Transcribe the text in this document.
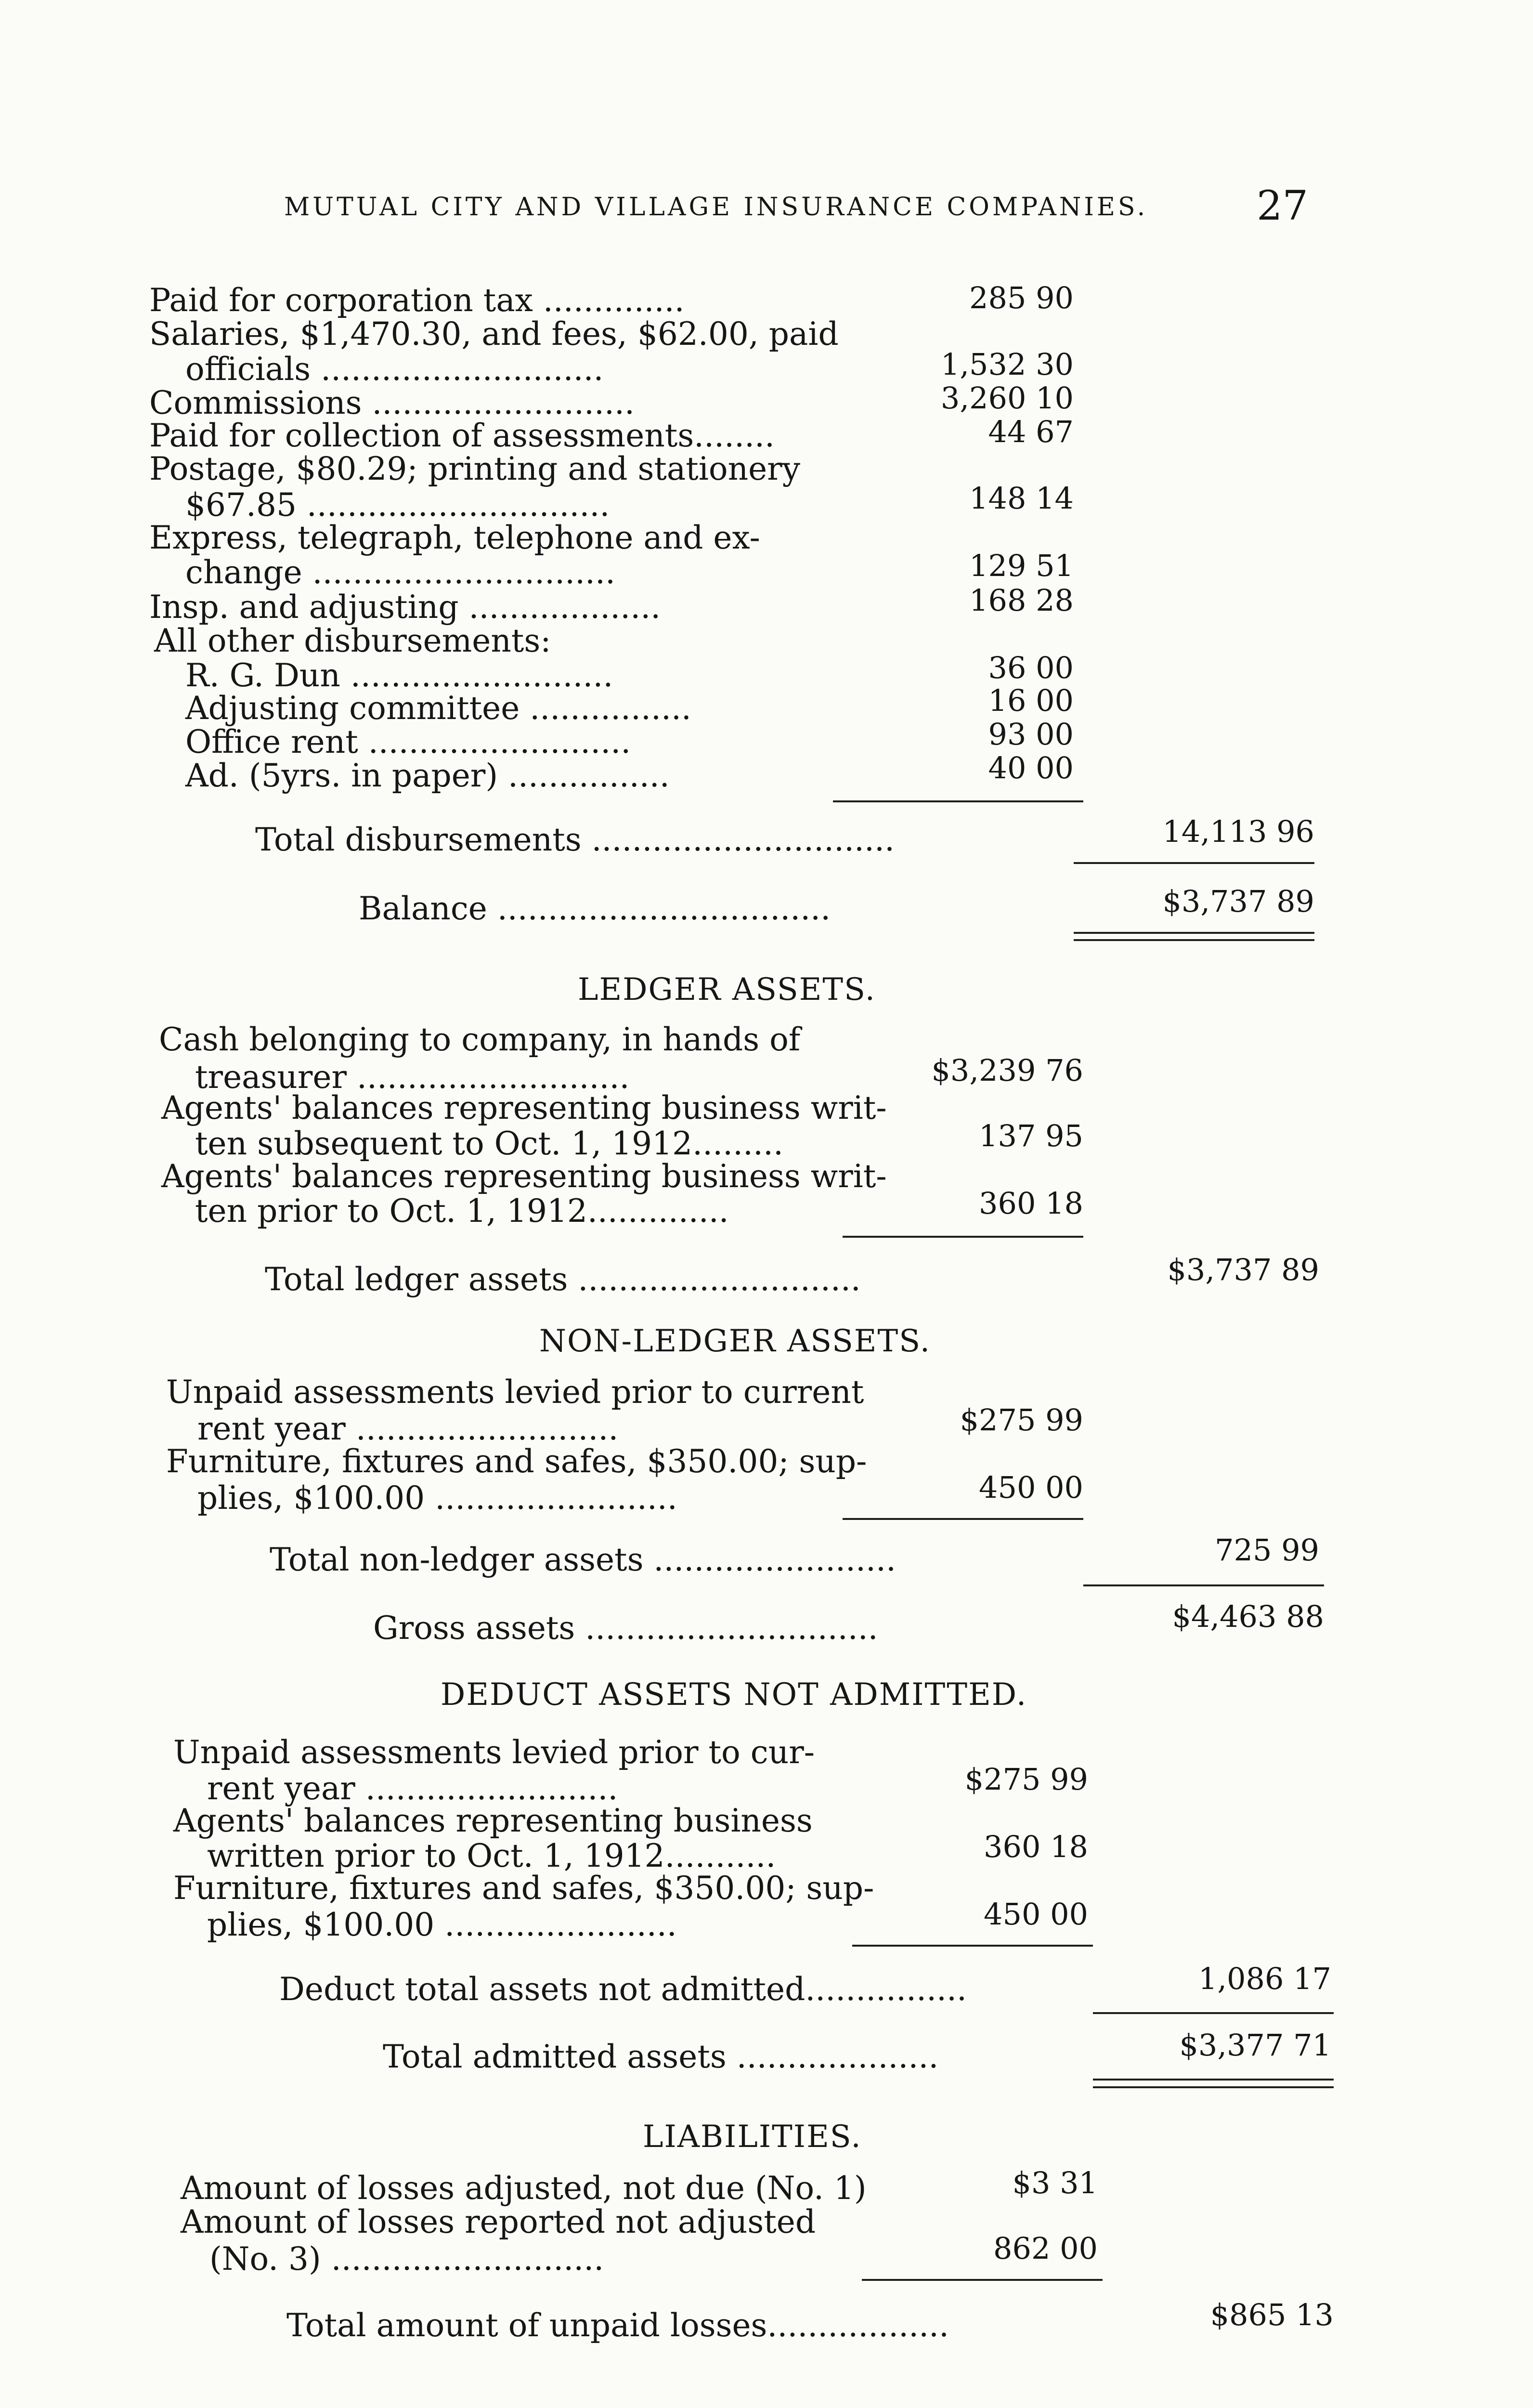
MUTUAL CITY AND VILLAGE INSURANCE COMPANIES.	27
Paid for corporation tax ..............	285 90
Salaries, $1,470.30, and fees, $62.00, paid
officials ............................	1,532 30
Commissions ..........................	3,260 10
Paid for collection of assessments........	44 67
Postage, $80.29; printing and stationery
$67.85 ..............................	148 14
Express, telegraph, telephone and ex-
change ..............................	129 51
Insp. and adjusting ...................	168 28
All other disbursements:
R. G. Dun ..........................	36 00
Adjusting committee ................	16 00
Office rent ..........................	93 00
Ad. (5yrs. in paper) ................	40 00
Total disbursements ..............................	14,113 96
Balance .................................	$3,737 89
LEDGER ASSETS.
Cash belonging to company, in hands of
treasurer ...........................	$3,239 76
Agents' balances representing business writ-
ten subsequent to Oct. 1, 1912.........	137 95
Agents' balances representing business writ-
ten prior to Oct. 1, 1912..............	360 18
Total ledger assets ............................	$3,737 89
NON-LEDGER ASSETS.
Unpaid assessments levied prior to current
rent year ..........................	$275 99
Furniture, fixtures and safes, $350.00; sup-
plies, $100.00 ........................	450 00
Total non-ledger assets ........................	725 99
Gross assets .............................	$4,463 88
DEDUCT ASSETS NOT ADMITTED.
Unpaid assessments levied prior to cur-
rent year .........................	$275 99
Agents' balances representing business
written prior to Oct. 1, 1912...........	360 18
Furniture, fixtures and safes, $350.00; sup-
plies, $100.00 .......................	450 00
Deduct total assets not admitted................	1,086 17
Total admitted assets ....................	$3,377 71
LIABILITIES.
Amount of losses adjusted, not due (No. 1)	$3 31
Amount of losses reported not adjusted
(No. 3) ...........................	862 00
Total amount of unpaid losses..................	$865 13
